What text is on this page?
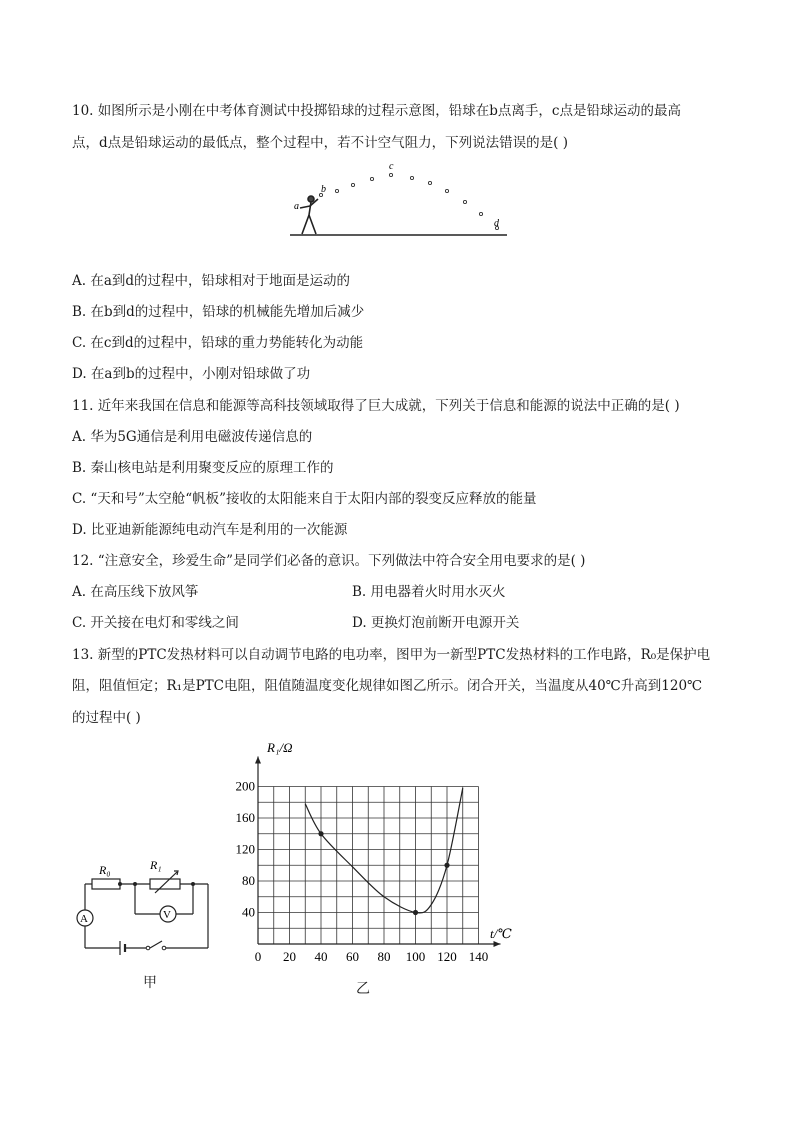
10. 如图所示是小刚在中考体育测试中投掷铅球的过程示意图，铅球在b点离手，c点是铅球运动的最高
点，d点是铅球运动的最低点，整个过程中，若不计空气阻力，下列说法错误的是( )
a
b
c
d
A. 在a到d的过程中，铅球相对于地面是运动的
B. 在b到d的过程中，铅球的机械能先增加后减少
C. 在c到d的过程中，铅球的重力势能转化为动能
D. 在a到b的过程中，小刚对铅球做了功
11. 近年来我国在信息和能源等高科技领域取得了巨大成就，下列关于信息和能源的说法中正确的是( )
A. 华为5G通信是利用电磁波传递信息的
B. 秦山核电站是利用聚变反应的原理工作的
C. “天和号”太空舱“帆板”接收的太阳能来自于太阳内部的裂变反应释放的能量
D. 比亚迪新能源纯电动汽车是利用的一次能源
12. “注意安全，珍爱生命”是同学们必备的意识。下列做法中符合安全用电要求的是( )
A. 在高压线下放风筝	B. 用电器着火时用水灭火
C. 开关接在电灯和零线之间	D. 更换灯泡前断开电源开关
13. 新型的PTC发热材料可以自动调节电路的电功率，图甲为一新型PTC发热材料的工作电路，R₀是保护电
阻，阻值恒定；R₁是PTC电阻，阻值随温度变化规律如图乙所示。闭合开关，当温度从40℃升高到120℃
的过程中( )
R₀	R₁
A	V
甲
0 20 40 60 80 100 120 140
40
80
120
160
200
R₁/Ω
t/℃
乙
